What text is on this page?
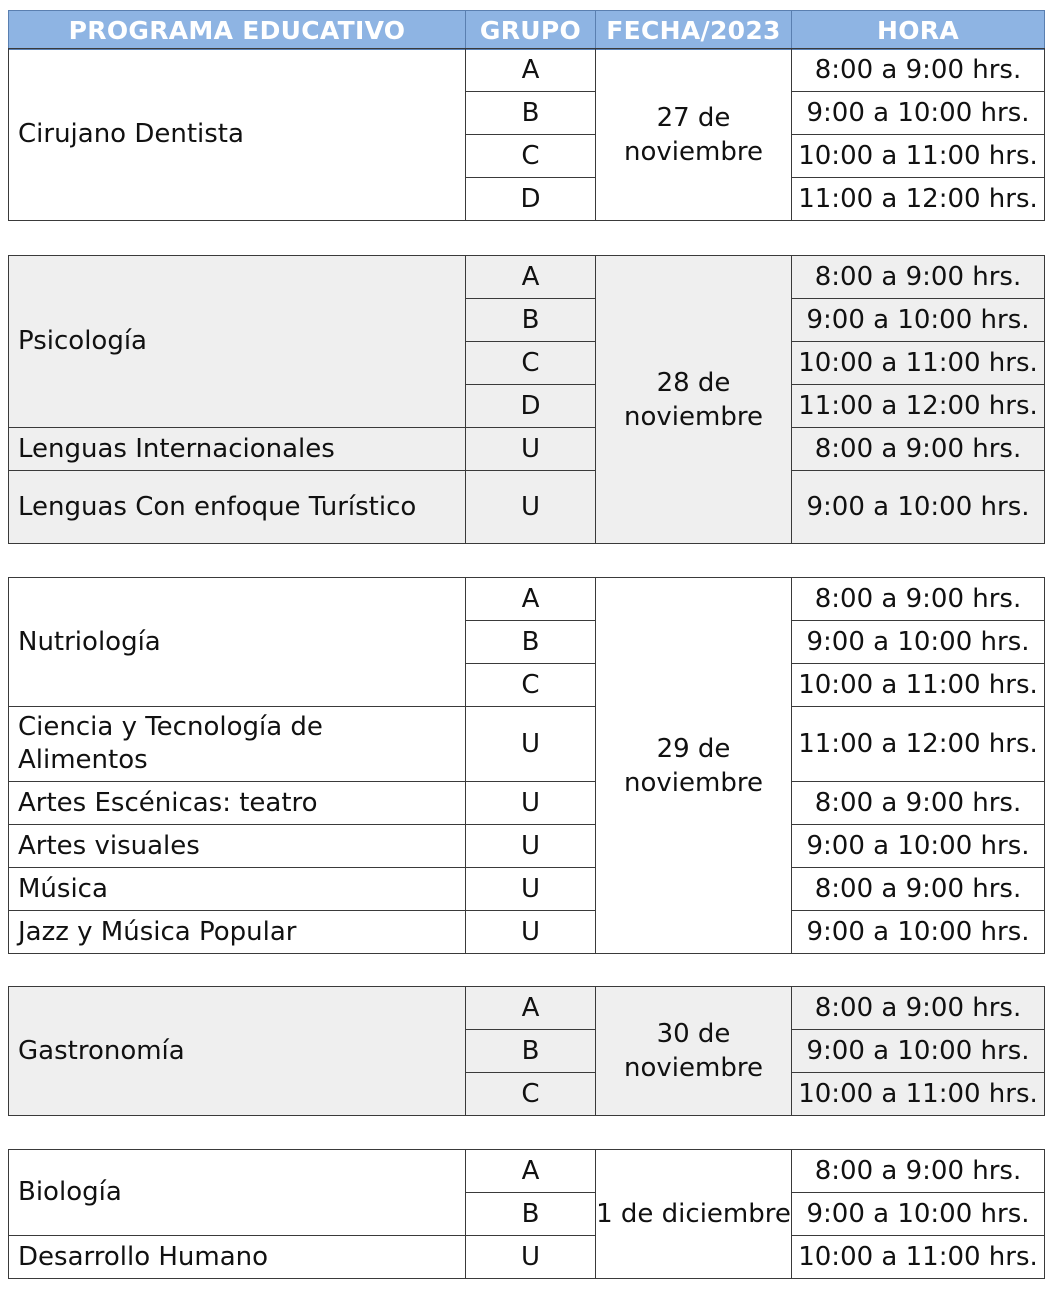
PROGRAMA EDUCATIVO	GRUPO	FECHA/2023	HORA
Cirujano Dentista	A	27 de noviembre	8:00 a 9:00 hrs.
	B		9:00 a 10:00 hrs.
	C		10:00 a 11:00 hrs.
	D		11:00 a 12:00 hrs.
Psicología	A	28 de noviembre	8:00 a 9:00 hrs.
	B		9:00 a 10:00 hrs.
	C		10:00 a 11:00 hrs.
	D		11:00 a 12:00 hrs.
Lenguas Internacionales	U		8:00 a 9:00 hrs.
Lenguas Con enfoque Turístico	U		9:00 a 10:00 hrs.
Nutriología	A	29 de noviembre	8:00 a 9:00 hrs.
	B		9:00 a 10:00 hrs.
	C		10:00 a 11:00 hrs.
Ciencia y Tecnología de Alimentos	U		11:00 a 12:00 hrs.
Artes Escénicas: teatro	U		8:00 a 9:00 hrs.
Artes visuales	U		9:00 a 10:00 hrs.
Música	U		8:00 a 9:00 hrs.
Jazz y Música Popular	U		9:00 a 10:00 hrs.
Gastronomía	A	30 de noviembre	8:00 a 9:00 hrs.
	B		9:00 a 10:00 hrs.
	C		10:00 a 11:00 hrs.
Biología	A	1 de diciembre	8:00 a 9:00 hrs.
	B		9:00 a 10:00 hrs.
Desarrollo Humano	U		10:00 a 11:00 hrs.
